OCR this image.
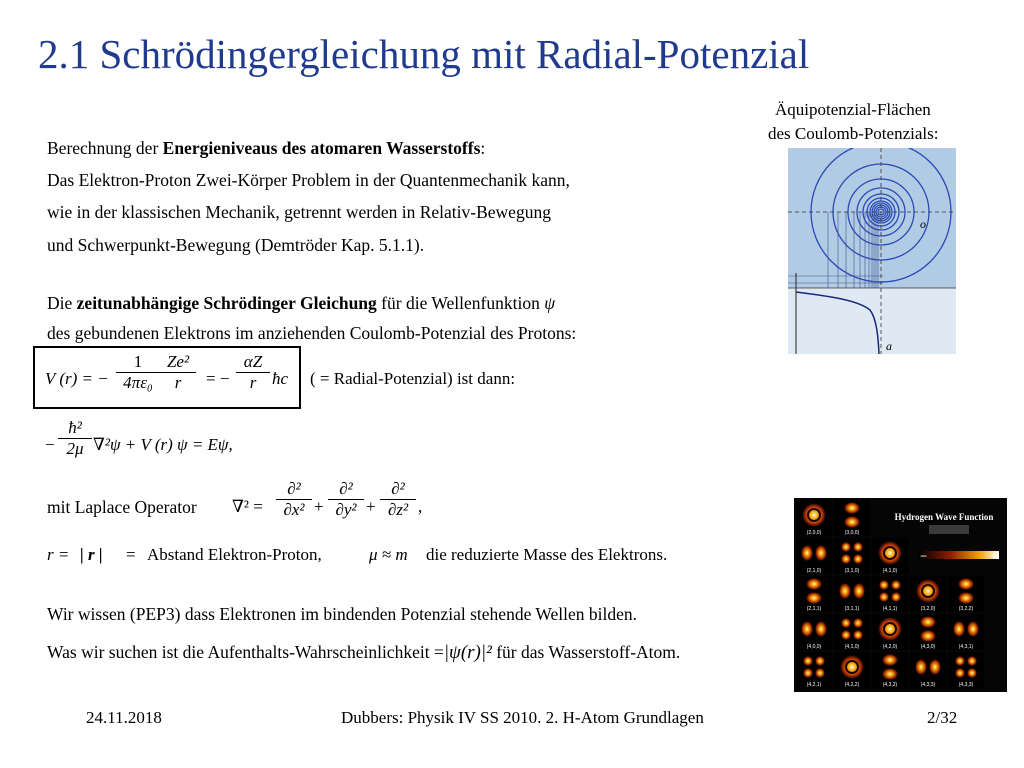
2.1 Schrödingergleichung mit Radial-Potenzial
Äquipotenzial-Flächen
des Coulomb-Potenzials:
o
a
Berechnung der Energieniveaus des atomaren Wasserstoffs:
Das Elektron-Proton Zwei-Körper Problem in der Quantenmechanik kann,
wie in der klassischen Mechanik, getrennt werden in Relativ-Bewegung
und Schwerpunkt-Bewegung (Demtröder Kap. 5.1.1).
Die zeitunabhängige Schrödinger Gleichung für die Wellenfunktion ψ
des gebundenen Elektrons im anziehenden Coulomb-Potenzial des Protons:
V (r) = −
1
4πε₀
Ze²
r	= −
αZ
r ħc ( = Radial-Potenzial) ist dann:
−
ħ²
2μ ∇²ψ + V (r) ψ = Eψ,
mit Laplace Operator ∇² =
∂²
∂x² +
∂²
∂y² +
∂²
∂z² ,
r = | r | = Abstand Elektron-Proton,	μ ≈ m die reduzierte Masse des Elektrons.
Wir wissen (PEP3) dass Elektronen im bindenden Potenzial stehende Wellen bilden.
Was wir suchen ist die Aufenthalts-Wahrscheinlichkeit =|ψ(r)|² für das Wasserstoff-Atom.
Hydrogen Wave Function
−	+
(2,0,0)	(3,0,0)
(2,1,0)	(3,1,0)	(4,1,0)
(2,1,1)	(3,1,1)	(4,1,1)	(3,2,0)	(3,2,2)
(4,0,0)	(4,1,0)	(4,2,0)	(4,3,0)	(4,3,1)
(4,2,1)	(4,2,2)	(4,3,2)	(4,3,3)	(4,3,3)
24.11.2018	Dubbers: Physik IV SS 2010. 2. H-Atom Grundlagen	2/32
